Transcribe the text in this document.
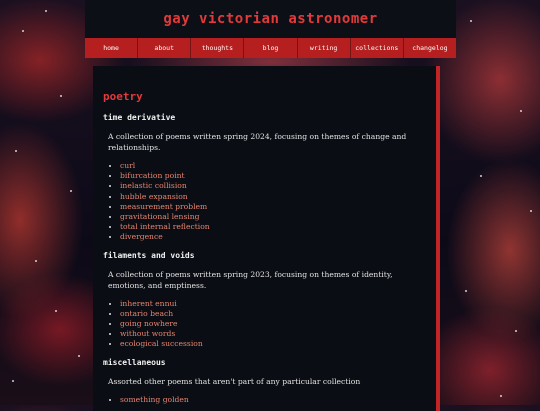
gay victorian astronomer
home	about	thoughts	blog	writing	collections	changelog
poetry
time derivative

A collection of poems written spring 2024, focusing on themes of change and relationships.

• curl
• bifurcation point
• inelastic collision
• hubble expansion
• measurement problem
• gravitational lensing
• total internal reflection
• divergence
filaments and voids

A collection of poems written spring 2023, focusing on themes of identity, emotions, and emptiness.

• inherent ennui
• ontario beach
• going nowhere
• without words
• ecological succession
miscellaneous

Assorted other poems that aren't part of any particular collection

• something golden
